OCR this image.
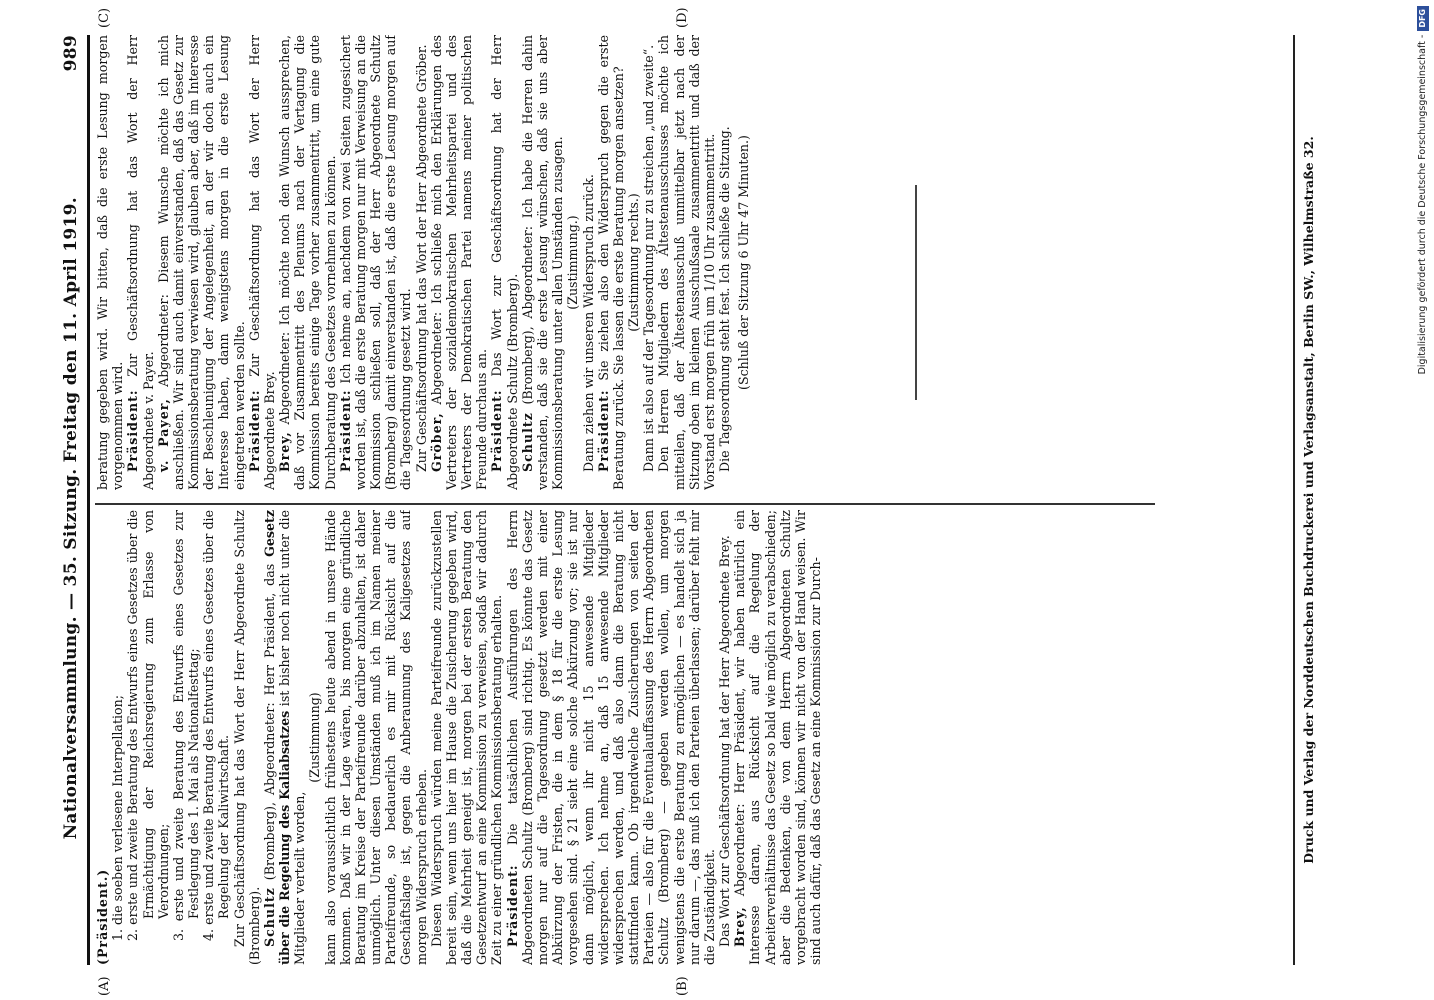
Nationalversammlung. — 35. Sitzung. Freitag den 11. April 1919.
989
(A)	(B)
(C)	(D)

(Präsident.) 1. die soeben verlesene Interpellation; 2. erste und zweite Beratung des Entwurfs eines Gesetzes über die Ermächtigung der Reichsregierung zum Erlasse von Verordnungen; 3. erste und zweite Beratung des Entwurfs eines Gesetzes zur Festlegung des 1. Mai als Nationalfesttag; 4. erste und zweite Beratung des Entwurfs eines Gesetzes über die Regelung der Kaliwirtschaft. Zur Geschäftsordnung hat das Wort der Herr Abgeordnete Schultz (Bromberg). Schultz (Bromberg), Abgeordneter: Herr Präsident, das Gesetz über die Regelung des Kaliabsatzes ist bisher noch nicht unter die Mitglieder verteilt worden,

(Zustimmung) kann also voraussichtlich frühestens heute abend in unsere Hände kommen. Daß wir in der Lage wären, bis morgen eine gründliche Beratung im Kreise der Parteifreunde darüber abzuhalten, ist daher unmöglich. Unter diesen Umständen muß ich im Namen meiner Parteifreunde, so bedauerlich es mir mit Rücksicht auf die Geschäftslage ist, gegen die Anberaumung des Kaligesetzes auf morgen Widerspruch erheben. Diesen Widerspruch würden meine Parteifreunde zurückzustellen bereit sein, wenn uns hier im Hause die Zusicherung gegeben wird, daß die Mehrheit geneigt ist, morgen bei der ersten Beratung den Gesetzentwurf an eine Kommission zu verweisen, sodaß wir dadurch Zeit zu einer gründlichen Kommissionsberatung erhalten. Präsident: Die tatsächlichen Ausführungen des Herrn Abgeordneten Schultz (Bromberg) sind richtig. Es könnte das Gesetz morgen nur auf die Tagesordnung gesetzt werden mit einer Abkürzung der Fristen, die in dem § 18 für die erste Lesung vorgesehen sind. § 21 sieht eine solche Abkürzung vor; sie ist nur dann möglich, wenn ihr nicht 15 anwesende Mitglieder widersprechen. Ich nehme an, daß 15 anwesende Mitglieder widersprechen werden, und daß also dann die Beratung nicht stattfinden kann. Ob irgendwelche Zusicherungen von seiten der Parteien — also für die Eventualauffassung des Herrn Abgeordneten Schultz (Bromberg) — gegeben werden wollen, um morgen wenigstens die erste Beratung zu ermöglichen — es handelt sich ja nur darum —, das muß ich den Parteien überlassen; darüber fehlt mir die Zuständigkeit. Das Wort zur Geschäftsordnung hat der Herr Abgeordnete Brey. Brey, Abgeordneter: Herr Präsident, wir haben natürlich ein Interesse daran, aus Rücksicht auf die Regelung der Arbeiterverhältnisse das Gesetz so bald wie möglich zu verabschieden; aber die Bedenken, die von dem Herrn Abgeordneten Schultz vorgebracht worden sind, können wir nicht von der Hand weisen. Wir sind auch dafür, daß das Gesetz an eine Kommission zur Durch-

beratung gegeben wird. Wir bitten, daß die erste Lesung morgen vorgenommen wird. Präsident: Zur Geschäftsordnung hat das Wort der Herr Abgeordnete v. Payer. v. Payer, Abgeordneter: Diesem Wunsche möchte ich mich anschließen. Wir sind auch damit einverstanden, daß das Gesetz zur Kommissionsberatung verwiesen wird, glauben aber, daß im Interesse der Beschleunigung der Angelegenheit, an der wir doch auch ein Interesse haben, dann wenigstens morgen in die erste Lesung eingetreten werden sollte. Präsident: Zur Geschäftsordnung hat das Wort der Herr Abgeordnete Brey. Brey, Abgeordneter: Ich möchte noch den Wunsch aussprechen, daß vor Zusammentritt des Plenums nach der Vertagung die Kommission bereits einige Tage vorher zusammentritt, um eine gute Durchberatung des Gesetzes vornehmen zu können. Präsident: Ich nehme an, nachdem von zwei Seiten zugesichert worden ist, daß die erste Beratung morgen nur mit Verweisung an die Kommission schließen soll, daß der Herr Abgeordnete Schultz (Bromberg) damit einverstanden ist, daß die erste Lesung morgen auf die Tagesordnung gesetzt wird. Zur Geschäftsordnung hat das Wort der Herr Abgeordnete Gröber. Gröber, Abgeordneter: Ich schließe mich den Erklärungen des Vertreters der sozialdemokratischen Mehrheitspartei und des Vertreters der Demokratischen Partei namens meiner politischen Freunde durchaus an. Präsident: Das Wort zur Geschäftsordnung hat der Herr Abgeordnete Schultz (Bromberg). Schultz (Bromberg), Abgeordneter: Ich habe die Herren dahin verstanden, daß sie die erste Lesung wünschen, daß sie uns aber Kommissionsberatung unter allen Umständen zusagen. (Zustimmung.) Dann ziehen wir unseren Widerspruch zurück. Präsident: Sie ziehen also den Widerspruch gegen die erste Beratung zurück. Sie lassen die erste Beratung morgen ansetzen? (Zustimmung rechts.) Dann ist also auf der Tagesordnung nur zu streichen „und zweite“. Den Herren Mitgliedern des Ältestenausschusses möchte ich mitteilen, daß der Ältestenausschuß unmittelbar jetzt nach der Sitzung oben im kleinen Ausschußsaale zusammentritt und daß der Vorstand erst morgen früh um 1/10 Uhr zusammentritt. Die Tagesordnung steht fest. Ich schließe die Sitzung. (Schluß der Sitzung 6 Uhr 47 Minuten.)	Druck und Verlag der Norddeutschen Buchdruckerei und Verlagsanstalt, Berlin SW., Wilhelmstraße 32.	Digitalisierung gefördert durch die Deutsche Forschungsgemeinschaft -DFG
